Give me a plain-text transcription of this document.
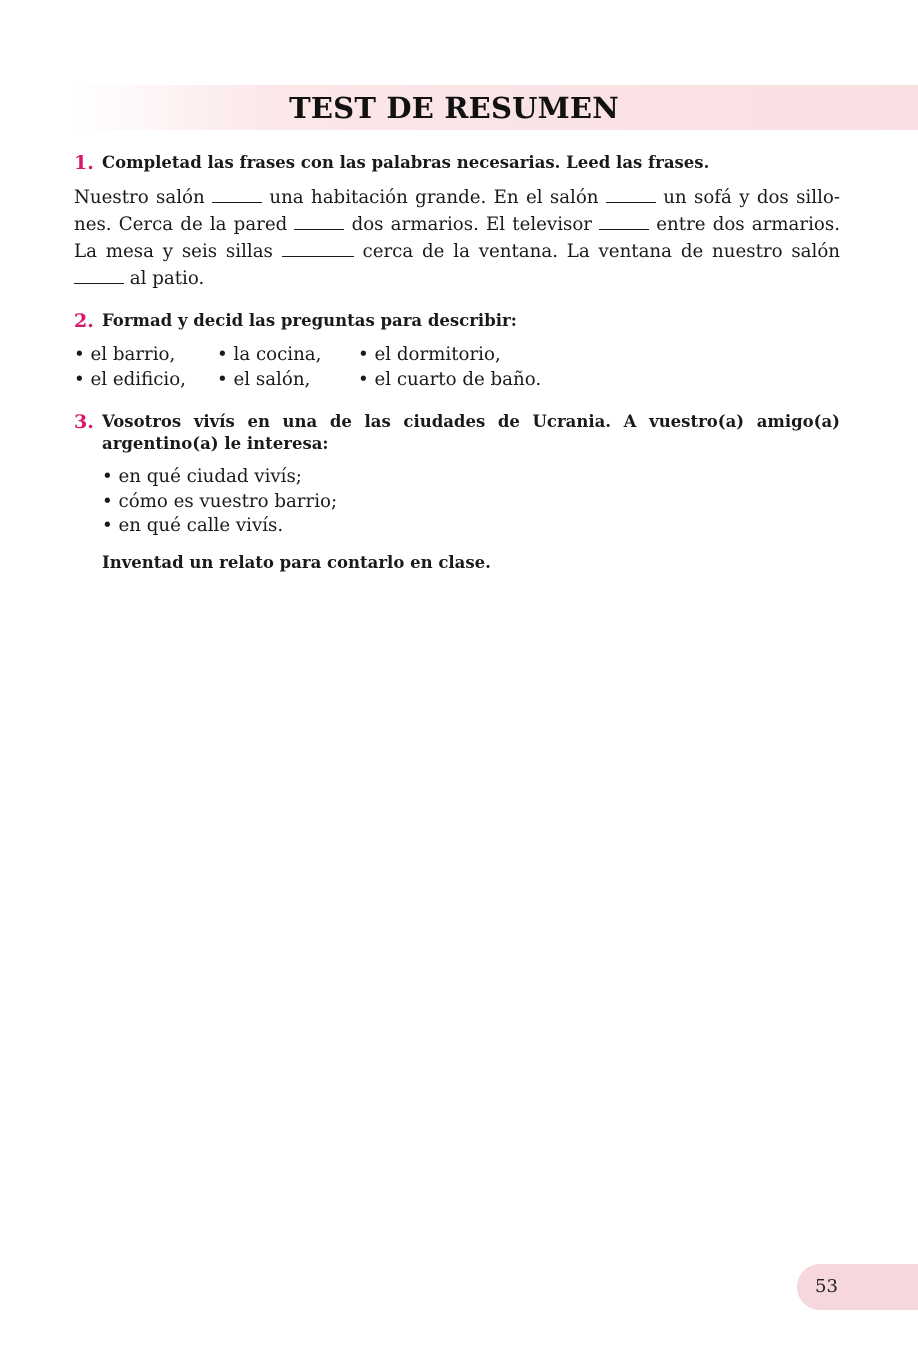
TEST DE RESUMEN
1. Completad las frases con las palabras necesarias. Leed las frases.
Nuestro salón	una habitación grande. En el salón	un sofá y dos sillo-nes. Cerca de la pared	dos armarios. El televisor	entre dos armarios. La mesa y seis sillas	cerca de la ventana. La ventana de nuestro salón  al patio.
2. Formad y decid las preguntas para describir:
• el barrio,	• la cocina,	• el dormitorio,
• el edificio,	• el salón,	• el cuarto de baño.
3. Vosotros vivís en una de las ciudades de Ucrania. A vuestro(a) amigo(a) argentino(a) le interesa:
• en qué ciudad vivís;
• cómo es vuestro barrio;
• en qué calle vivís.
Inventad un relato para contarlo en clase.
53
